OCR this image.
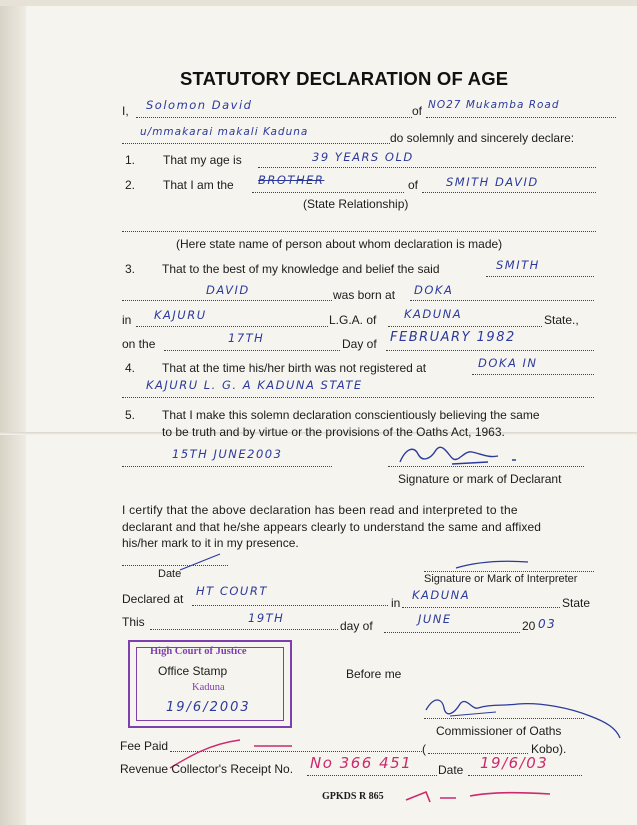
STATUTORY DECLARATION OF AGE
I, Solomon David	of NO27 Mukamba Road
u/mmakarai makali Kaduna	do solemnly and sincerely declare:
1. That my age is	39 YEARS OLD
2. That I am the BROTHER	of SMITH DAVID
(State Relationship)
(Here state name of person about whom declaration is made)
3. That to the best of my knowledge and belief the said	SMITH
DAVID	was born at DOKA
in KAJURU	L.G.A. of KADUNA	State.,
on the	17TH	Day of FEBRUARY 1982
4. That at the time his/her birth was not registered at	DOKA IN
KAJURU L. G. A KADUNA STATE
5. That I make this solemn declaration conscientiously believing the same
to be truth and by virtue or the provisions of the Oaths Act, 1963.
15TH JUNE2003
Signature or mark of Declarant
I certify that the above declaration has been read and interpreted to the
declarant and that he/she appears clearly to understand the same and affixed
his/her mark to it in my presence.
Date	Signature or Mark of Interpreter
Declared at
HT COURT
in
KADUNA
State
This	19TH
day of	JUNE	20 03
High Court of Justice
Kaduna
19/6/2003
Office Stamp	Before me
Commissioner of Oaths
Fee Paid	(	Kobo).
Revenue Collector's Receipt No. No 366 451 Date 19/6/03
GPKDS R 865
